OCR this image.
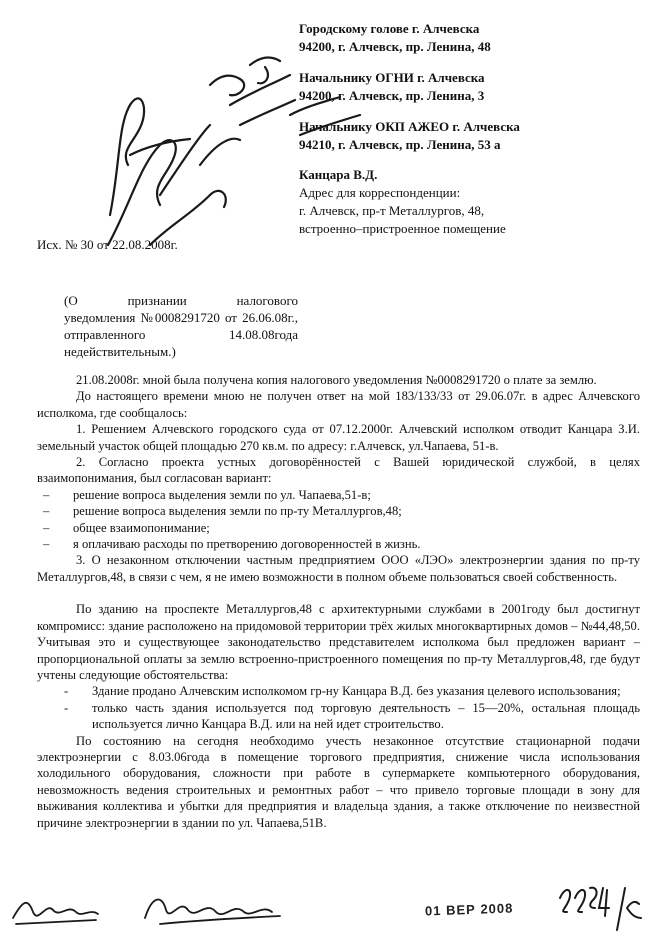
Городскому голове г. Алчевска
94200, г. Алчевск, пр. Ленина, 48
Начальнику ОГНИ г. Алчевска
94200, г. Алчевск, пр. Ленина, 3
Начальнику ОКП АЖЕО г. Алчевска
94210, г. Алчевск, пр. Ленина, 53 а
Канцара В.Д.
Адрес для корреспонденции:
г. Алчевск, пр-т Металлургов, 48,
встроенно–пристроенное помещение
Исх. № 30 от 22.08.2008г.
(О признании налогового
уведомления №0008291720 от 26.06.08г.,
отправленного 14.08.08года
недействительным.)

21.08.2008г. мной была получена копия налогового уведомления №0008291720 о плате за землю.

До настоящего времени мною не получен ответ на мой 183/133/33 от 29.06.07г. в адрес Алчевского исполкома, где сообщалось:

1. Решением Алчевского городского суда от 07.12.2000г. Алчевский исполком отводит Канцара З.И. земельный участок общей площадью 270 кв.м. по адресу: г.Алчевск, ул.Чапаева, 51-в.

2. Согласно проекта устных договорённостей с Вашей юридической службой, в целях взаимопонимания, был согласован вариант:

–	решение вопроса выделения земли по ул. Чапаева,51-в;
–	решение вопроса выделения земли по пр-ту Металлургов,48;
–	общее взаимопонимание;
–	я оплачиваю расходы по претворению договоренностей в жизнь.

3. О незаконном отключении частным предприятием ООО «ЛЭО» электроэнергии здания по пр-ту Металлургов,48, в связи с чем, я не имею возможности в полном объеме пользоваться своей собственность.

По зданию на проспекте Металлургов,48 с архитектурными службами в 2001году был достигнут компромисс: здание расположено на придомовой территории трёх жилых многоквартирных домов – №44,48,50. Учитывая это и существующее законодательство представителем исполкома был предложен вариант – пропорциональной оплаты за землю встроенно-пристроенного помещения по пр-ту Металлургов,48, где будут учтены следующие обстоятельства:

-	Здание продано Алчевским исполкомом гр-ну Канцара В.Д. без указания целевого использования;
-	только часть здания используется под торговую деятельность – 15—20%, остальная площадь используется лично Канцара В.Д. или на ней идет строительство.

По состоянию на сегодня необходимо учесть незаконное отсутствие стационарной подачи электроэнергии с 8.03.06года в помещение торгового предприятия, снижение числа использования холодильного оборудования, сложности при работе в супермаркете компьютерного оборудования, невозможность ведения строительных и ремонтных работ – что привело торговые площади в зону для выживания коллектива и убытки для предприятия и владельца здания, а также отключение по неизвестной причине электроэнергии в здании по ул. Чапаева,51В.

01 ВЕР 2008
